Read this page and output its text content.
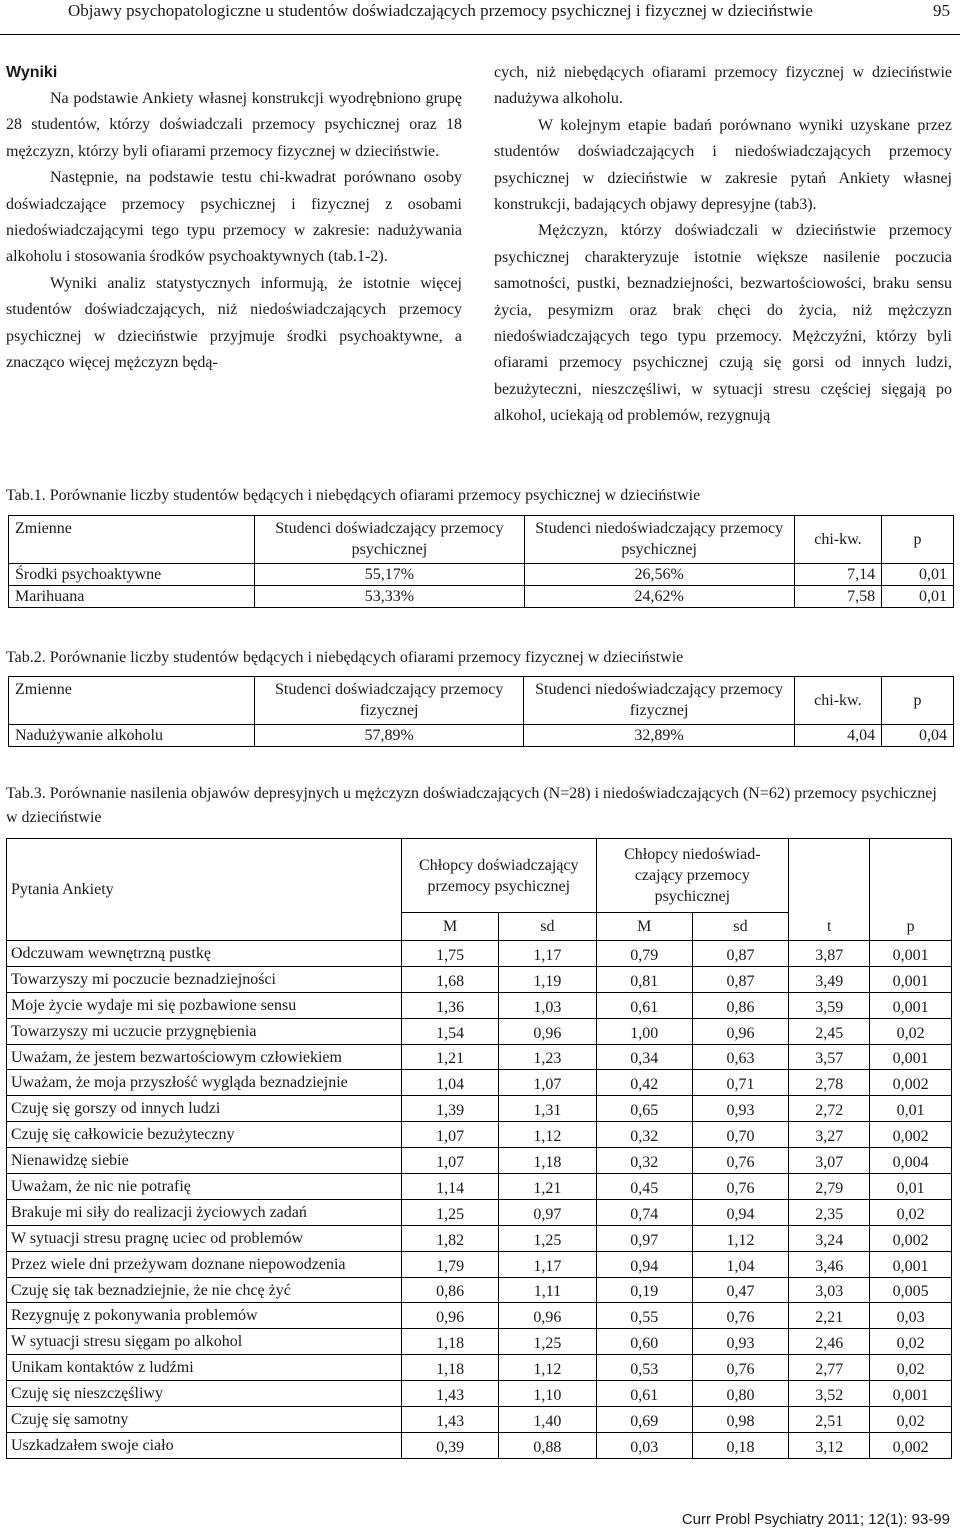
Objawy psychopatologiczne u studentów doświadczających przemocy psychicznej i fizycznej w dzieciństwie	95
Wyniki

Na podstawie Ankiety własnej konstrukcji wyodrębniono grupę 28 studentów, którzy doświadczali przemocy psychicznej oraz 18 mężczyzn, którzy byli ofiarami przemocy fizycznej w dzieciństwie.

Następnie, na podstawie testu chi-kwadrat porównano osoby doświadczające przemocy psychicznej i fizycznej z osobami niedoświadczającymi tego typu przemocy w zakresie: nadużywania alkoholu i stosowania środków psychoaktywnych (tab.1-2).

Wyniki analiz statystycznych informują, że istotnie więcej studentów doświadczających, niż niedoświadczających przemocy psychicznej w dzieciństwie przyjmuje środki psychoaktywne, a znacząco więcej mężczyzn będą-

cych, niż niebędących ofiarami przemocy fizycznej w dzieciństwie nadużywa alkoholu.

W kolejnym etapie badań porównano wyniki uzyskane przez studentów doświadczających i niedoświadczających przemocy psychicznej w dzieciństwie w zakresie pytań Ankiety własnej konstrukcji, badających objawy depresyjne (tab3).

Mężczyzn, którzy doświadczali w dzieciństwie przemocy psychicznej charakteryzuje istotnie większe nasilenie poczucia samotności, pustki, beznadziejności, bezwartościowości, braku sensu życia, pesymizm oraz brak chęci do życia, niż mężczyzn niedoświadczających tego typu przemocy. Mężczyźni, którzy byli ofiarami przemocy psychicznej czują się gorsi od innych ludzi, bezużyteczni, nieszczęśliwi, w sytuacji stresu częściej sięgają po alkohol, uciekają od problemów, rezygnują

Tab.1. Porównanie liczby studentów będących i niebędących ofiarami przemocy psychicznej w dzieciństwie
Zmienne	Studenci doświadczający przemocy psychicznej	Studenci niedoświadczający przemocy psychicznej	chi-kw.	p
Środki psychoaktywne	55,17%	26,56%	7,14	0,01
Marihuana	53,33%	24,62%	7,58	0,01
Tab.2. Porównanie liczby studentów będących i niebędących ofiarami przemocy fizycznej w dzieciństwie
Zmienne	Studenci doświadczający przemocy fizycznej	Studenci niedoświadczający przemocy fizycznej	chi-kw.	p
Nadużywanie alkoholu	57,89%	32,89%	4,04	0,04
Tab.3. Porównanie nasilenia objawów depresyjnych u mężczyzn doświadczających (N=28) i niedoświadczających (N=62) przemocy psychicznej w dzieciństwie
Pytania Ankiety	Chłopcy doświadczający przemocy psychicznej		Chłopcy niedoświad-czający przemocy psychicznej			
	M	sd	M	sd	t	p
Odczuwam wewnętrzną pustkę	1,75	1,17	0,79	0,87	3,87	0,001
Towarzyszy mi poczucie beznadziejności	1,68	1,19	0,81	0,87	3,49	0,001
Moje życie wydaje mi się pozbawione sensu	1,36	1,03	0,61	0,86	3,59	0,001
Towarzyszy mi uczucie przygnębienia	1,54	0,96	1,00	0,96	2,45	0,02
Uważam, że jestem bezwartościowym człowiekiem	1,21	1,23	0,34	0,63	3,57	0,001
Uważam, że moja przyszłość wygląda beznadziejnie	1,04	1,07	0,42	0,71	2,78	0,002
Czuję się gorszy od innych ludzi	1,39	1,31	0,65	0,93	2,72	0,01
Czuję się całkowicie bezużyteczny	1,07	1,12	0,32	0,70	3,27	0,002
Nienawidzę siebie	1,07	1,18	0,32	0,76	3,07	0,004
Uważam, że nic nie potrafię	1,14	1,21	0,45	0,76	2,79	0,01
Brakuje mi siły do realizacji życiowych zadań	1,25	0,97	0,74	0,94	2,35	0,02
W sytuacji stresu pragnę uciec od problemów	1,82	1,25	0,97	1,12	3,24	0,002
Przez wiele dni przeżywam doznane niepowodzenia	1,79	1,17	0,94	1,04	3,46	0,001
Czuję się tak beznadziejnie, że nie chcę żyć	0,86	1,11	0,19	0,47	3,03	0,005
Rezygnuję z pokonywania problemów	0,96	0,96	0,55	0,76	2,21	0,03
W sytuacji stresu sięgam po alkohol	1,18	1,25	0,60	0,93	2,46	0,02
Unikam kontaktów z ludźmi	1,18	1,12	0,53	0,76	2,77	0,02
Czuję się nieszczęśliwy	1,43	1,10	0,61	0,80	3,52	0,001
Czuję się samotny	1,43	1,40	0,69	0,98	2,51	0,02
Uszkadzałem swoje ciało	0,39	0,88	0,03	0,18	3,12	0,002
Curr Probl Psychiatry 2011; 12(1): 93-99
